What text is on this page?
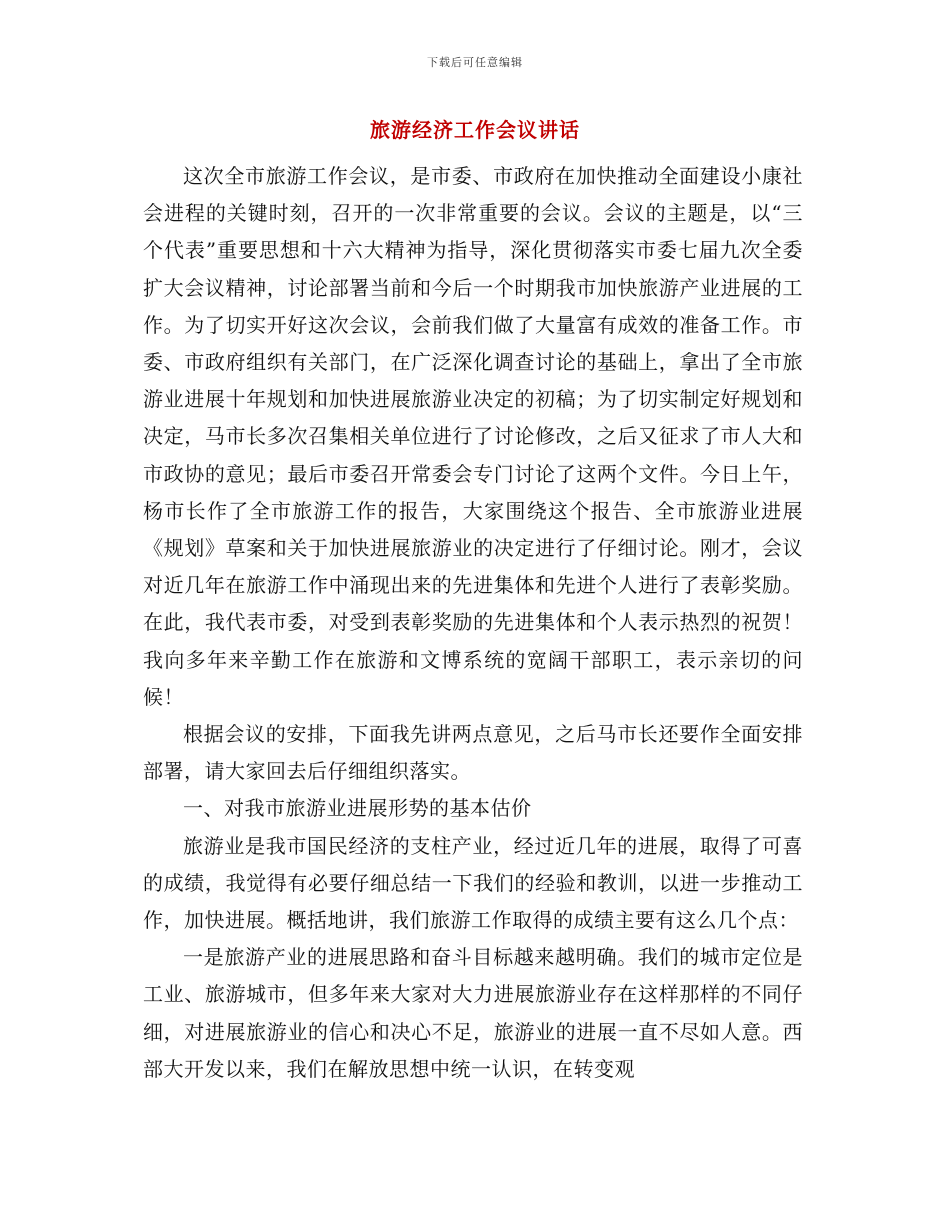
下载后可任意编辑
旅游经济工作会议讲话

这次全市旅游工作会议，是市委、市政府在加快推动全面建设小康社会进程的关键时刻，召开的一次非常重要的会议。会议的主题是，以“三个代表”重要思想和十六大精神为指导，深化贯彻落实市委七届九次全委扩大会议精神，讨论部署当前和今后一个时期我市加快旅游产业进展的工作。为了切实开好这次会议，会前我们做了大量富有成效的准备工作。市委、市政府组织有关部门，在广泛深化调查讨论的基础上，拿出了全市旅游业进展十年规划和加快进展旅游业决定的初稿；为了切实制定好规划和决定，马市长多次召集相关单位进行了讨论修改，之后又征求了市人大和市政协的意见；最后市委召开常委会专门讨论了这两个文件。今日上午，杨市长作了全市旅游工作的报告，大家围绕这个报告、全市旅游业进展《规划》草案和关于加快进展旅游业的决定进行了仔细讨论。刚才，会议对近几年在旅游工作中涌现出来的先进集体和先进个人进行了表彰奖励。在此，我代表市委，对受到表彰奖励的先进集体和个人表示热烈的祝贺！我向多年来辛勤工作在旅游和文博系统的宽阔干部职工，表示亲切的问候！

根据会议的安排，下面我先讲两点意见，之后马市长还要作全面安排部署，请大家回去后仔细组织落实。

一、对我市旅游业进展形势的基本估价

旅游业是我市国民经济的支柱产业，经过近几年的进展，取得了可喜的成绩，我觉得有必要仔细总结一下我们的经验和教训，以进一步推动工作，加快进展。概括地讲，我们旅游工作取得的成绩主要有这么几个点：

一是旅游产业的进展思路和奋斗目标越来越明确。我们的城市定位是工业、旅游城市，但多年来大家对大力进展旅游业存在这样那样的不同仔细，对进展旅游业的信心和决心不足，旅游业的进展一直不尽如人意。西部大开发以来，我们在解放思想中统一认识，在转变观
